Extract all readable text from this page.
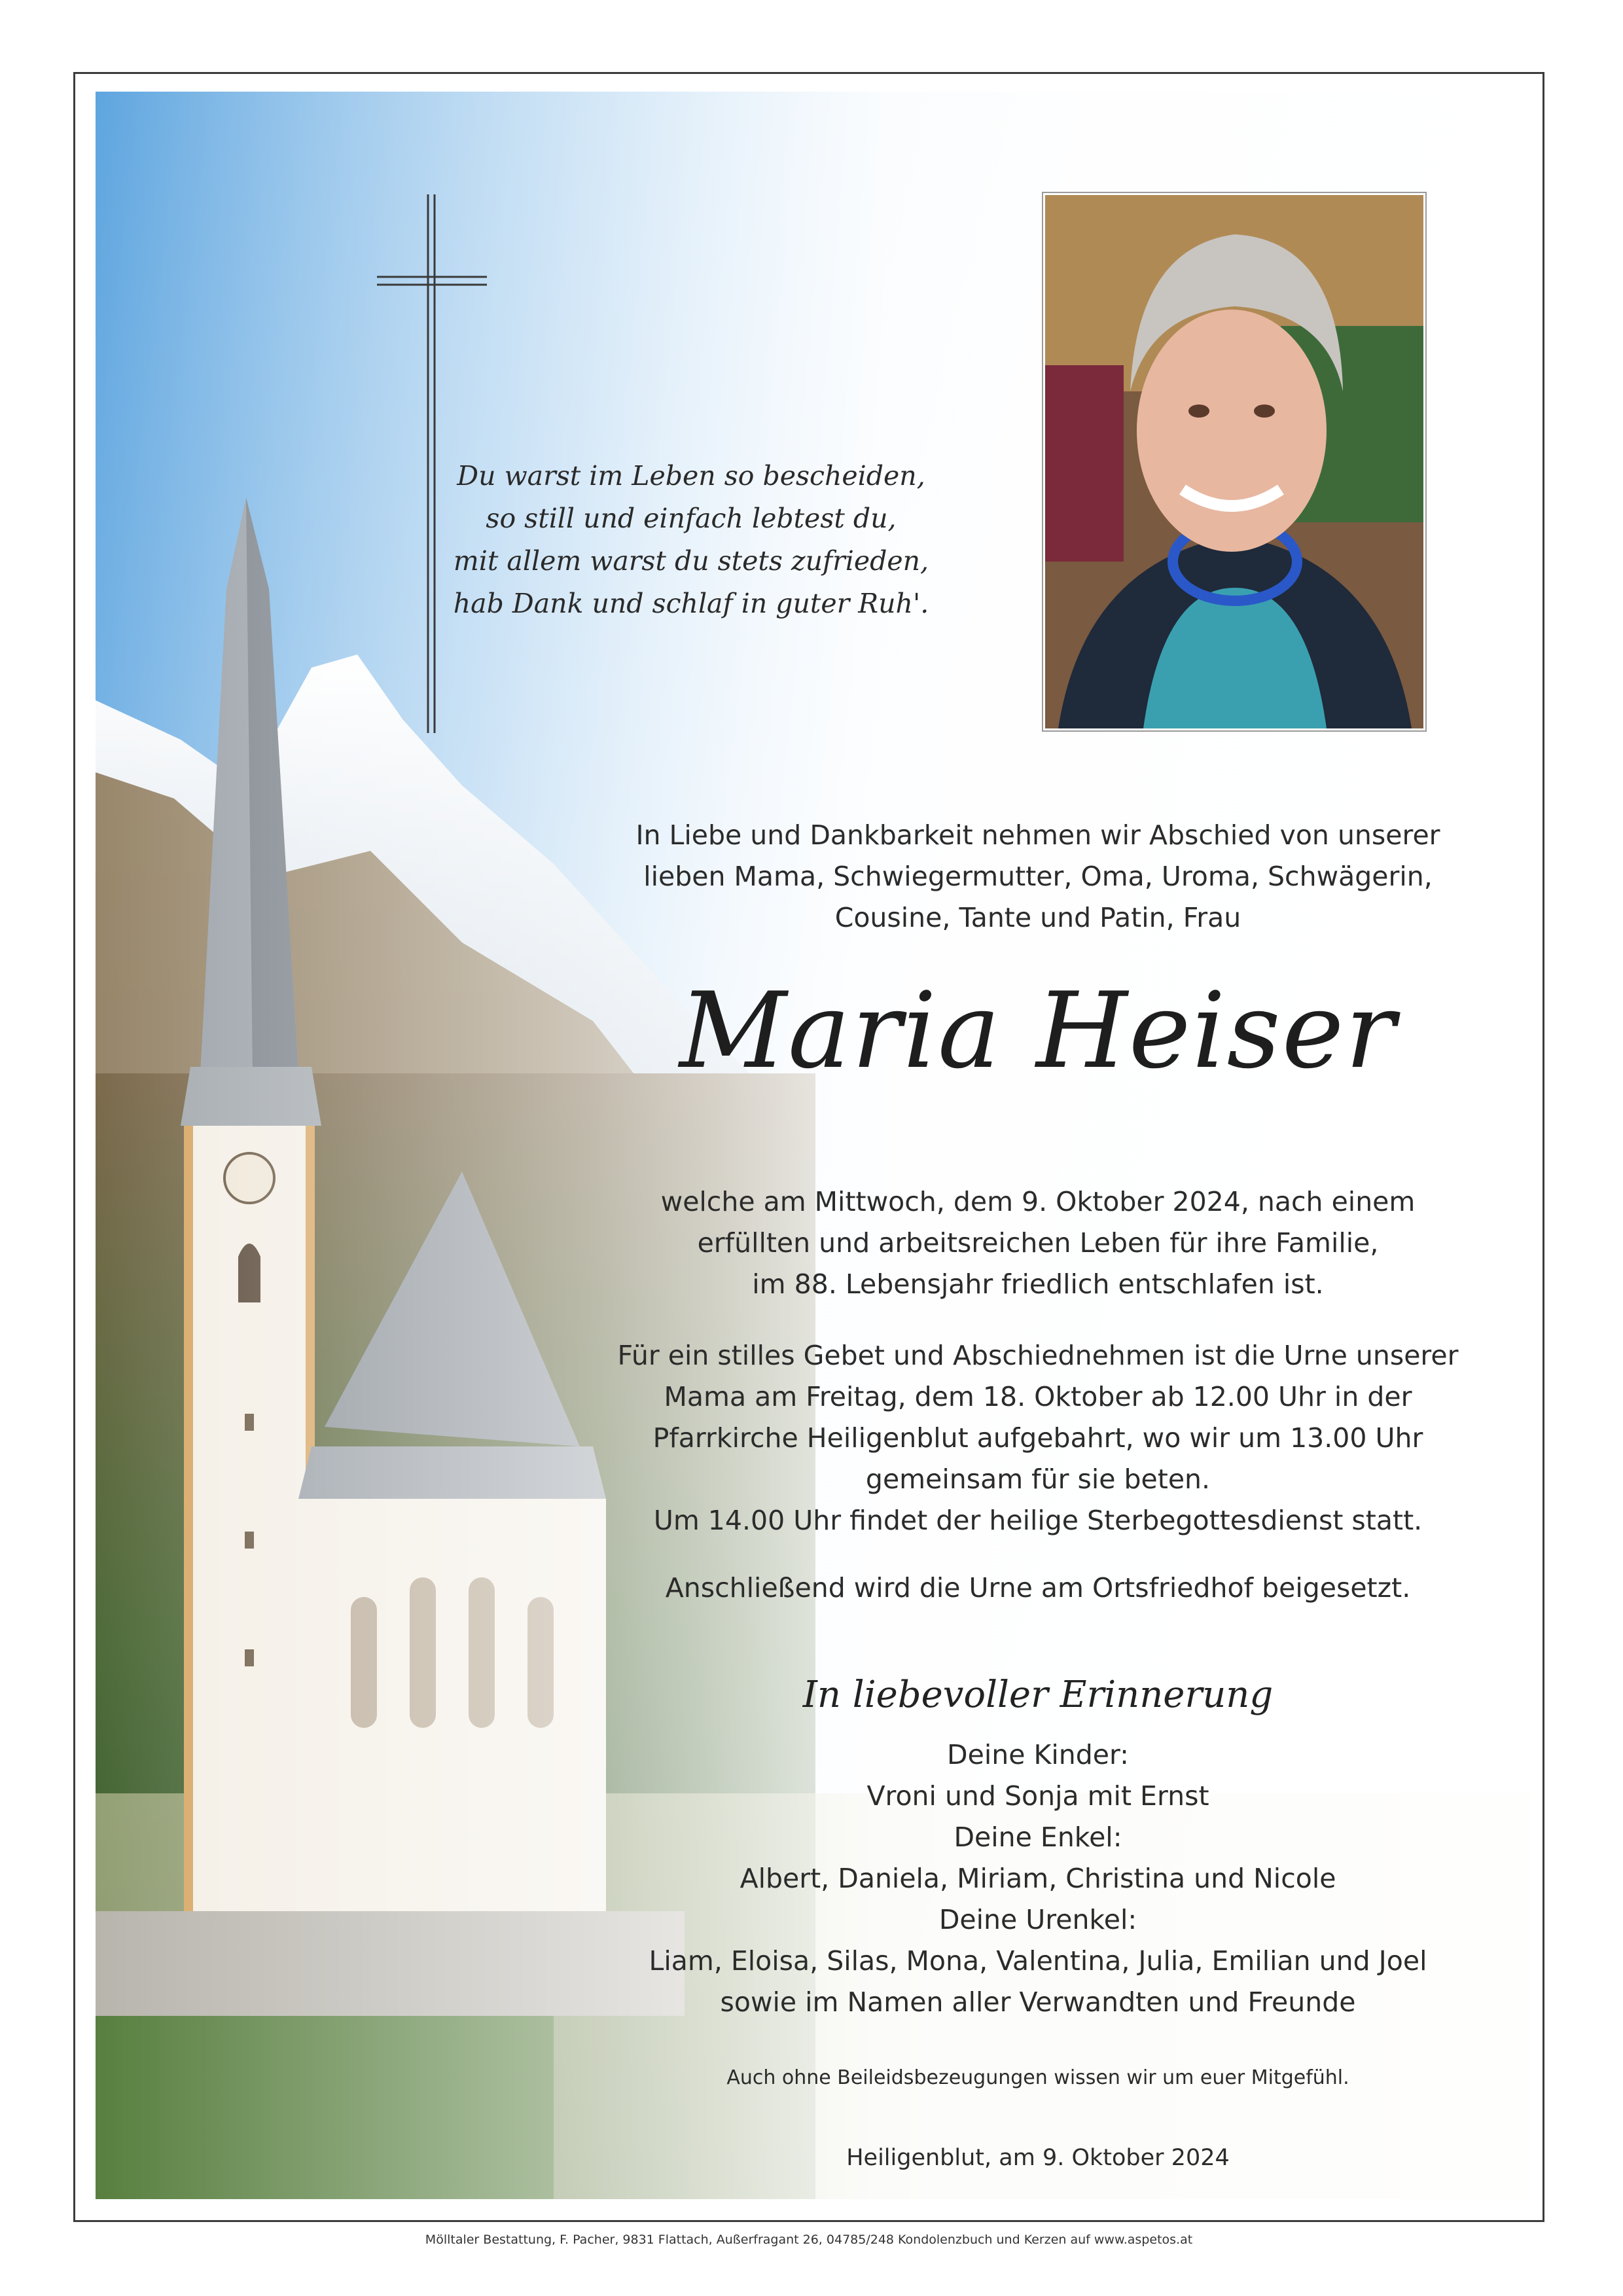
Du warst im Leben so bescheiden,

so still und einfach lebtest du,

mit allem warst du stets zufrieden,

hab Dank und schlaf in guter Ruh'.

In Liebe und Dankbarkeit nehmen wir Abschied von unserer

lieben Mama, Schwiegermutter, Oma, Uroma, Schwägerin,

Cousine, Tante und Patin, Frau

Maria Heiser

welche am Mittwoch, dem 9. Oktober 2024, nach einem

erfüllten und arbeitsreichen Leben für ihre Familie,

im 88. Lebensjahr friedlich entschlafen ist.

Für ein stilles Gebet und Abschiednehmen ist die Urne unserer

Mama am Freitag, dem 18. Oktober ab 12.00 Uhr in der

Pfarrkirche Heiligenblut aufgebahrt, wo wir um 13.00 Uhr

gemeinsam für sie beten.

Um 14.00 Uhr findet der heilige Sterbegottesdienst statt.

Anschließend wird die Urne am Ortsfriedhof beigesetzt.

In liebevoller Erinnerung

Deine Kinder:

Vroni und Sonja mit Ernst

Deine Enkel:

Albert, Daniela, Miriam, Christina und Nicole

Deine Urenkel:

Liam, Eloisa, Silas, Mona, Valentina, Julia, Emilian und Joel

sowie im Namen aller Verwandten und Freunde

Auch ohne Beileidsbezeugungen wissen wir um euer Mitgefühl.
Heiligenblut, am 9. Oktober 2024
Mölltaler Bestattung, F. Pacher, 9831 Flattach, Außerfragant 26, 04785/248 Kondolenzbuch und Kerzen auf www.aspetos.at
